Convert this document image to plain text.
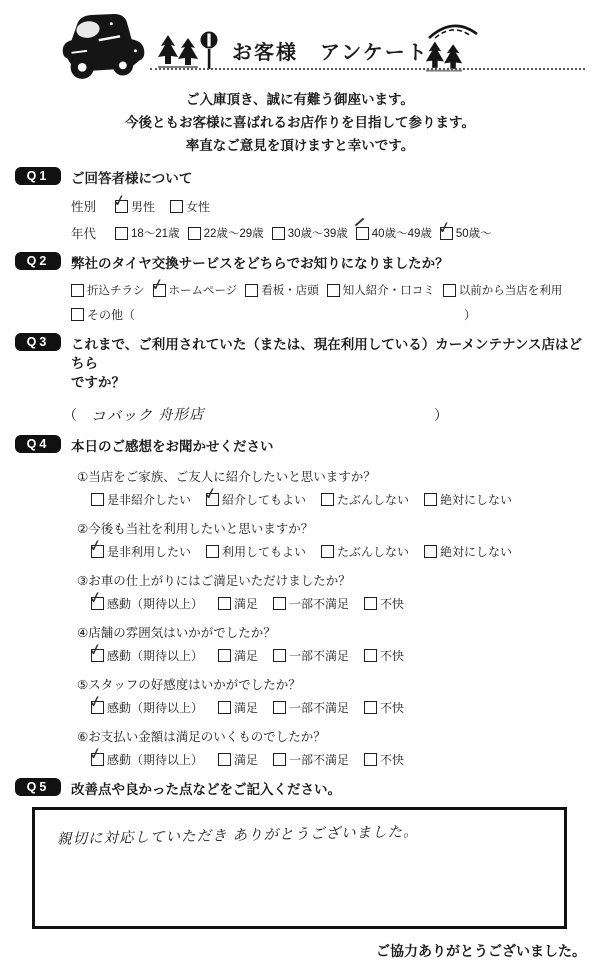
お客様　アンケート
ご入庫頂き、誠に有難う御座います。
今後ともお客様に喜ばれるお店作りを目指して参ります。
率直なご意見を頂けますと幸いです。
Q1	ご回答者様について
性別 ✓	男性	女性
年代	18～21歳 22歳～29歳 30歳～39歳 40歳～49歳 ✓ 50歳～
Q2	弊社のタイヤ交換サービスをどちらでお知りになりましたか？
折込チラシ ✓ ホームページ 看板・店頭 知人紹介・口コミ 以前から当店を利用
その他（	）
Q3	これまで、ご利用されていた（または、現在利用している）カーメンテナンス店はどちら
ですか？
（ コバック 舟形店	）
Q4	本日のご感想をお聞かせください
①当店をご家族、ご友人に紹介したいと思いますか？
是非紹介したい ✓	紹介してもよい	たぶんしない	絶対にしない
②今後も当社を利用したいと思いますか？
✓
是非利用したい	利用してもよい	たぶんしない	絶対にしない
③お車の仕上がりにはご満足いただけましたか？
✓
感動（期待以上）	満足	一部不満足	不快
④店舗の雰囲気はいかがでしたか？
✓
感動（期待以上）	満足	一部不満足	不快
⑤スタッフの好感度はいかがでしたか？
✓
感動（期待以上）	満足	一部不満足	不快
⑥お支払い金額は満足のいくものでしたか？
✓
感動（期待以上）	満足	一部不満足	不快
Q5	改善点や良かった点などをご記入ください。
親切に対応していただき ありがとうございました。
ご協力ありがとうございました。
